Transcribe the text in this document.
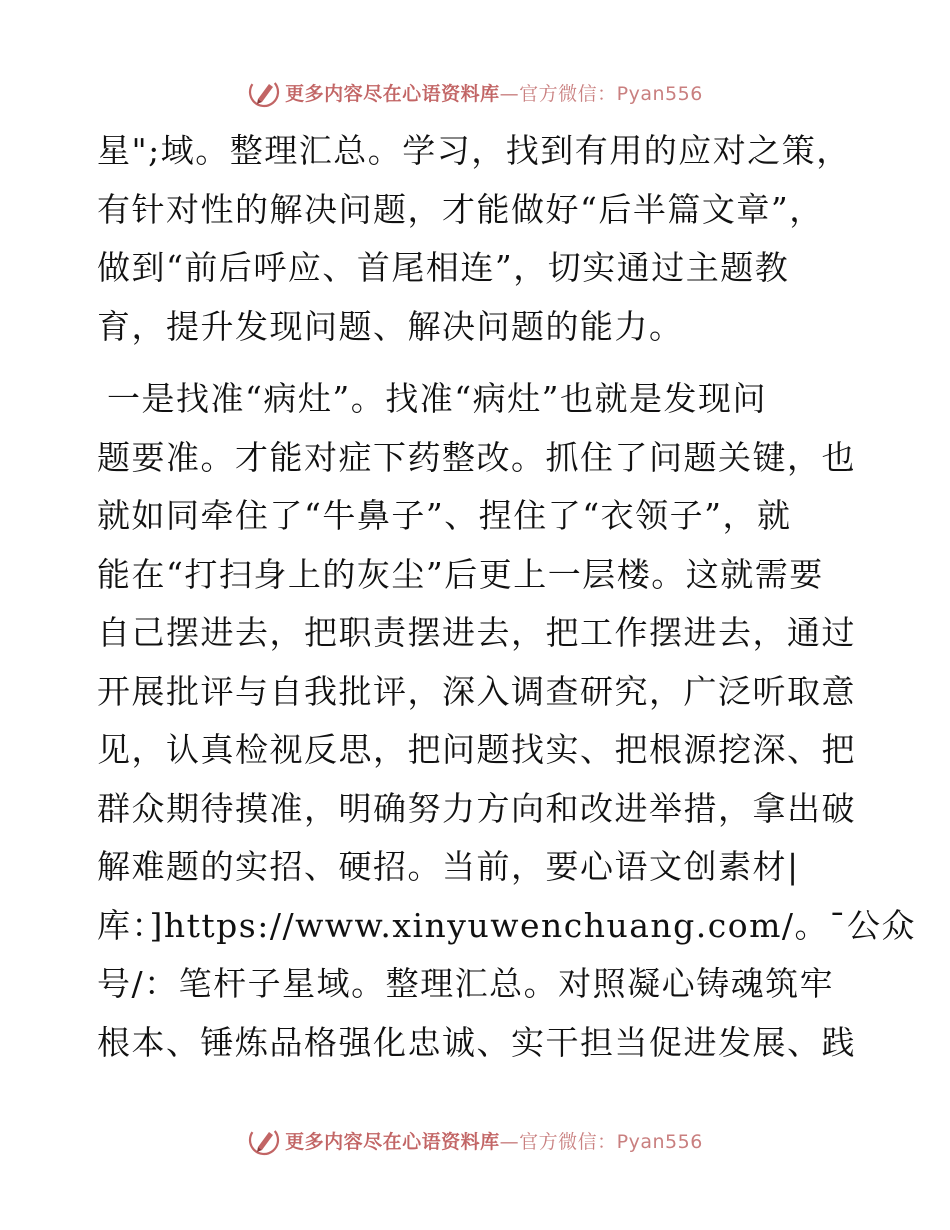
更多内容尽在心语资料库—官方微信：Pyan556
星";域。整理汇总。学习，找到有用的应对之策，
有针对性的解决问题，才能做好“后半篇文章”，
做到“前后呼应、首尾相连”，切实通过主题教
育，提升发现问题、解决问题的能力。
一是找准“病灶”。找准“病灶”也就是发现问
题要准。才能对症下药整改。抓住了问题关键，也
就如同牵住了“牛鼻子”、捏住了“衣领子”，就
能在“打扫身上的灰尘”后更上一层楼。这就需要
自己摆进去，把职责摆进去，把工作摆进去，通过
开展批评与自我批评，深入调查研究，广泛听取意
见，认真检视反思，把问题找实、把根源挖深、把
群众期待摸准，明确努力方向和改进举措，拿出破
解难题的实招、硬招。当前，要心语文创素材|
库：]https://www.xinyuwenchuang.com/。¯公众
号/：笔杆子星域。整理汇总。对照凝心铸魂筑牢
根本、锤炼品格强化忠诚、实干担当促进发展、践
更多内容尽在心语资料库—官方微信：Pyan556
